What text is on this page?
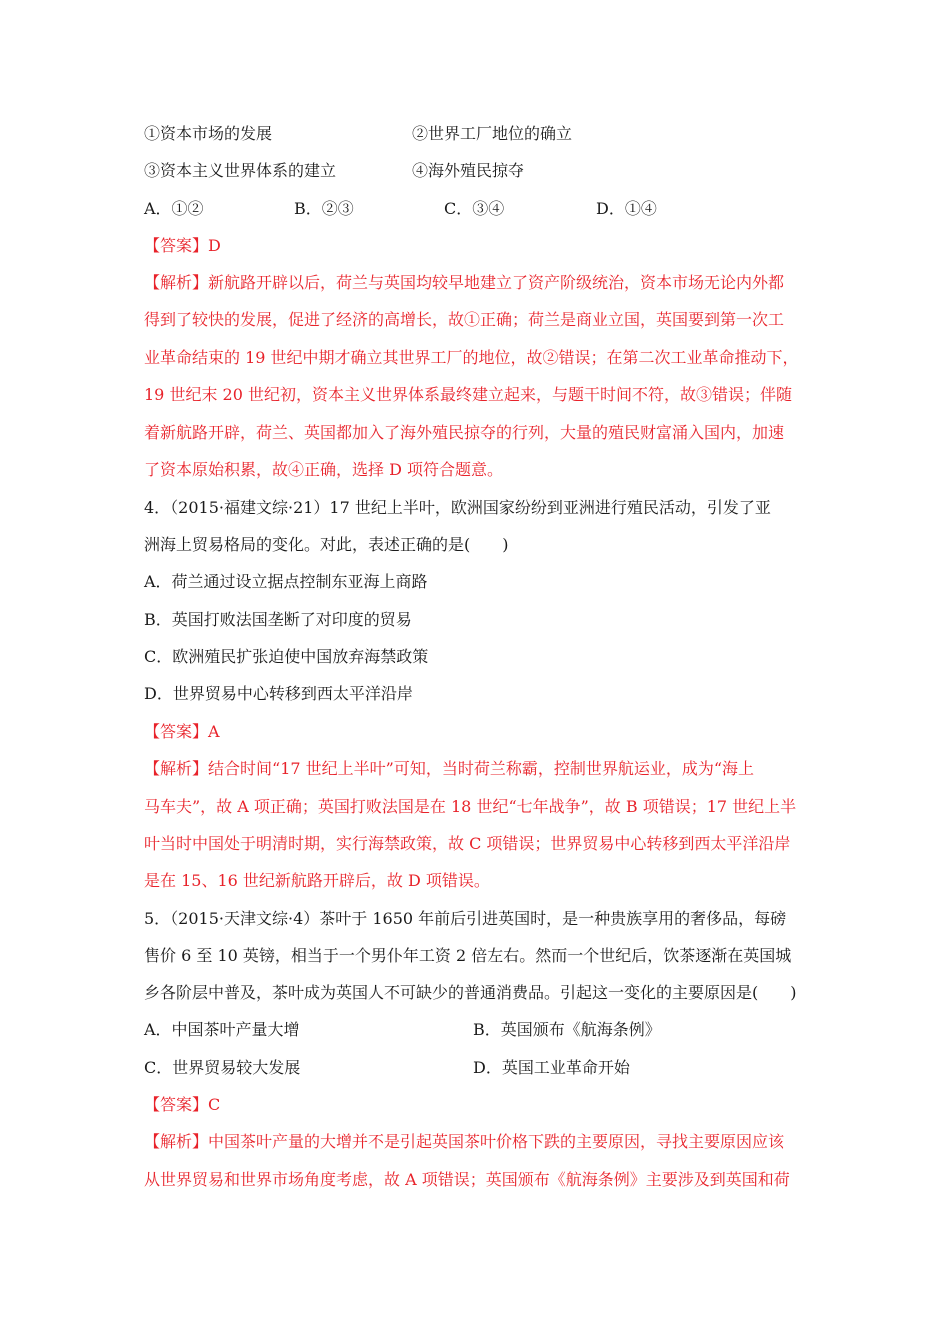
①资本市场的发展	②世界工厂地位的确立
③资本主义世界体系的建立	④海外殖民掠夺
A．①②	B．②③	C．③④	D．①④
【答案】D
【解析】新航路开辟以后，荷兰与英国均较早地建立了资产阶级统治，资本市场无论内外都
得到了较快的发展，促进了经济的高增长，故①正确；荷兰是商业立国，英国要到第一次工
业革命结束的 19 世纪中期才确立其世界工厂的地位，故②错误；在第二次工业革命推动下，
19 世纪末 20 世纪初，资本主义世界体系最终建立起来，与题干时间不符，故③错误；伴随
着新航路开辟，荷兰、英国都加入了海外殖民掠夺的行列，大量的殖民财富涌入国内，加速
了资本原始积累，故④正确，选择 D 项符合题意。
4．（2015·福建文综·21）17 世纪上半叶，欧洲国家纷纷到亚洲进行殖民活动，引发了亚
洲海上贸易格局的变化。对此，表述正确的是(　　)
A．荷兰通过设立据点控制东亚海上商路
B．英国打败法国垄断了对印度的贸易
C．欧洲殖民扩张迫使中国放弃海禁政策
D．世界贸易中心转移到西太平洋沿岸
【答案】A
【解析】结合时间“17 世纪上半叶”可知，当时荷兰称霸，控制世界航运业，成为“海上
马车夫”，故 A 项正确；英国打败法国是在 18 世纪“七年战争”，故 B 项错误；17 世纪上半
叶当时中国处于明清时期，实行海禁政策，故 C 项错误；世界贸易中心转移到西太平洋沿岸
是在 15、16 世纪新航路开辟后，故 D 项错误。
5．（2015·天津文综·4）茶叶于 1650 年前后引进英国时，是一种贵族享用的奢侈品，每磅
售价 6 至 10 英镑，相当于一个男仆年工资 2 倍左右。然而一个世纪后，饮茶逐渐在英国城
乡各阶层中普及，茶叶成为英国人不可缺少的普通消费品。引起这一变化的主要原因是(　　)
A．中国茶叶产量大增	B．英国颁布《航海条例》
C．世界贸易较大发展	D．英国工业革命开始
【答案】C
【解析】中国茶叶产量的大增并不是引起英国茶叶价格下跌的主要原因，寻找主要原因应该
从世界贸易和世界市场角度考虑，故 A 项错误；英国颁布《航海条例》主要涉及到英国和荷
